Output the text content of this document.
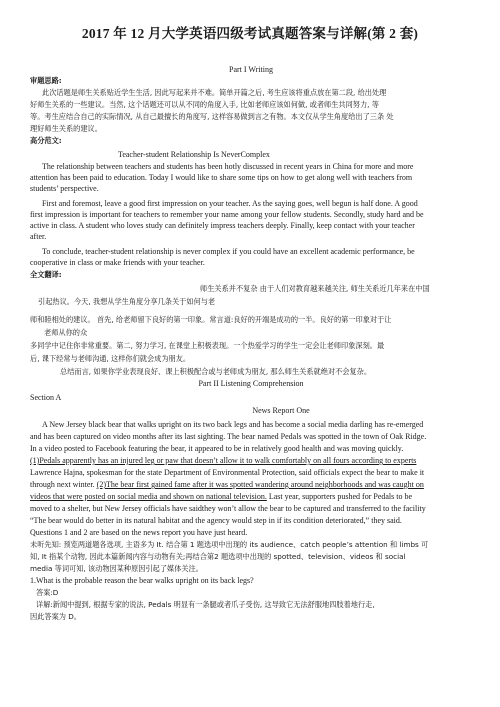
2017 年 12 月大学英语四级考试真题答案与详解(第 2 套)
Part I Writing
审题思路:
此次话题是师生关系贴近学生生活, 因此写起来并不难。简单开篇之后, 考生应该将重点放在第二段, 给出处理
好师生关系的一些建议。当然, 这个话题还可以从不同的角度入手, 比如老师应该如何做, 或者师生共同努力, 等
等。考生应结合自己的实际情况, 从自己最擅长的角度写, 这样容易做到言之有物。本文仅从学生角度给出了三条 处
理好师生关系的建议。
高分范文:
Teacher-student Relationship Is NeverComplex
The relationship between teachers and students has been hotly discussed in recent years in China for more and more
attention has been paid to education. Today I would like to share some tips on how to get along well with teachers from
students’ perspective.
First and foremost, leave a good first impression on your teacher. As the saying goes, well begun is half done. A good
first impression is important for teachers to remember your name among your fellow students. Secondly, study hard and be
active in class. A student who loves study can definitely impress teachers deeply. Finally, keep contact with your teacher
after.
To conclude, teacher-student relationship is never complex if you could have an excellent academic performance, be
cooperative in class or make friends with your teacher.
全文翻译:
师生关系并不复杂 由于人们对教育越来越关注, 师生关系近几年来在中国
引起热议。今天, 我想从学生角度分享几条关于如何与老
师和睦相处的建议。 首先, 给老师留下良好的第一印象。常言道:良好的开端是成功的一半。良好的第一印象对于让
老师从你的众
多同学中记住你非常重要。第二, 努力学习, 在课堂上积极表现。一个热爱学习的学生一定会让老师印象深刻。最
后, 课下经常与老师沟通, 这样你们就会成为朋友。
总结而言, 如果你学业表现良好、课上积极配合或与老师成为朋友, 那么师生关系就绝对不会复杂。
Part II Listening Comprehension
Section A
News Report One
A New Jersey black bear that walks upright on its two back legs and has become a social media darling has re-emerged
and has been captured on video months after its last sighting. The bear named Pedals was spotted in the town of Oak Ridge.
In a video posted to Facebook featuring the bear, it appeared to be in relatively good health and was moving quickly.
(1)Pedals apparently has an injured leg or paw that doesn’t allow it to walk comfortably on all fours according to experts
Lawrence Hajna, spokesman for the state Department of Environmental Protection, said officials expect the bear to make it
through next winter. (2)The bear first gained fame after it was spotted wandering around neighborhoods and was caught on
videos that were posted on social media and shown on national television. Last year, supporters pushed for Pedals to be
moved to a shelter, but New Jersey officials have saidthey won’t allow the bear to be captured and transferred to the facility
“The bear would do better in its natural habitat and the agency would step in if its condition deteriorated,” they said.
Questions 1 and 2 are based on the news report you have just heard.
未听先知: 预览两道题各选项, 主语多为 It. 结合第 1 题选项中出现的 its audience、catch people’s attention 和 limbs 可
知, It 指某个动物, 因此本篇新闻内容与动物有关;再结合第2 题选项中出现的 spotted、television、videos 和 social
media 等词可知, 该动物因某种原因引起了媒体关注。
1.What is the probable reason the bear walks upright on its back legs?
答案:D
详解:新闻中提到, 根据专家的说法, Pedals 明显有一条腿或者爪子受伤, 这导致它无法舒服地四肢着地行走,
因此答案为 D。
